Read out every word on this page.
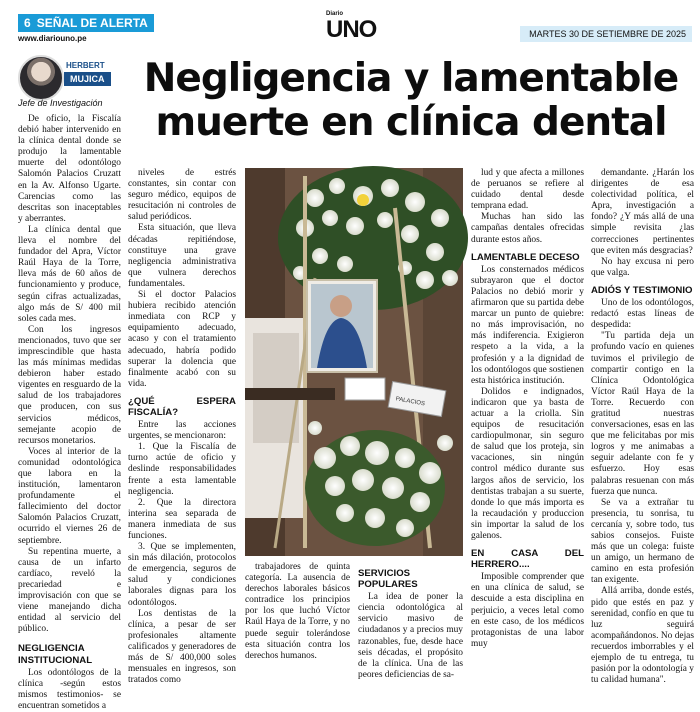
6 SEÑAL DE ALERTA
www.diariouno.pe
Diario
UNO	MARTES 30 DE SETIEMBRE DE 2025
HERBERT
MUJICA
Jefe de Investigación
Negligencia y lamentable muerte en clínica dental

De oficio, la Fiscalía debió haber intervenido en la clínica dental donde se produjo la lamentable muerte del odontólogo Salomón Palacios Cruzatt en la Av. Alfonso Ugarte. Carencias como las descritas son inaceptables y aberrantes.

La clínica dental que lleva el nombre del fundador del Apra, Víctor Raúl Haya de la Torre, lleva más de 60 años de funcionamiento y produce, según cifras actualizadas, algo más de S/ 400 mil soles cada mes.

Con los ingresos mencionados, tuvo que ser imprescindible que hasta las más mínimas medidas debieron haber estado vigentes en resguardo de la salud de los trabajadores que producen, con sus servicios médicos, semejante acopio de recursos monetarios.

Voces al interior de la comunidad odontológica que labora en la institución, lamentaron profundamente el fallecimiento del doctor Salomón Palacios Cruzatt, ocurrido el viernes 26 de septiembre.

Su repentina muerte, a causa de un infarto cardíaco, reveló la precariedad e improvisación con que se viene manejando dicha entidad al servicio del público.

NEGLIGENCIA INSTITUCIONAL

Los odontólogos de la clínica -según estos mismos testimonios- se encuentran sometidos a

niveles de estrés constantes, sin contar con seguro médico, equipos de resucitación ni controles de salud periódicos.

Esta situación, que lleva décadas repitiéndose, constituye una grave negligencia administrativa que vulnera derechos fundamentales.

Si el doctor Palacios hubiera recibido atención inmediata con RCP y equipamiento adecuado, acaso y con el tratamiento adecuado, habría podido superar la dolencia que finalmente acabó con su vida.

¿QUÉ ESPERA FISCALÍA?

Entre las acciones urgentes, se mencionaron:

1. Que la Fiscalía de turno actúe de oficio y deslinde responsabilidades frente a esta lamentable negligencia.

2. Que la directora interina sea separada de manera inmediata de sus funciones.

3. Que se implementen, sin más dilación, protocolos de emergencia, seguros de salud y condiciones laborales dignas para los odontólogos.

Los dentistas de la clínica, a pesar de ser profesionales altamente calificados y generadores de más de S/ 400,000 soles mensuales en ingresos, son tratados como

PALACIOS

trabajadores de quinta categoría. La ausencia de derechos laborales básicos contradice los principios por los que luchó Víctor Raúl Haya de la Torre, y no puede seguir tolerándose esta situación contra los derechos humanos.

SERVICIOS POPULARES

La idea de poner la ciencia odontológica al servicio masivo de ciudadanos y a precios muy razonables, fue, desde hace seis décadas, el propósito de la clínica. Una de las peores deficiencias de sa-

lud y que afecta a millones de peruanos se refiere al cuidado dental desde temprana edad.

Muchas han sido las campañas dentales ofrecidas durante estos años.

LAMENTABLE DECESO

Los consternados médicos subrayaron que el doctor Palacios no debió morir y afirmaron que su partida debe marcar un punto de quiebre: no más improvisación, no más indiferencia. Exigieron respeto a la vida, a la profesión y a la dignidad de los odontólogos que sostienen esta histórica institución.

Dolidos e indignados, indicaron que ya basta de actuar a la criolla. Sin equipos de resucitación cardiopulmonar, sin seguro de salud que los proteja, sin vacaciones, sin ningún control médico durante sus largos años de servicio, los dentistas trabajan a su suerte, donde lo que más importa es la recaudación y produccion sin importar la salud de los galenos.

EN CASA DEL HERRERO....

Imposible comprender que en una clínica de salud, se descuide a esta disciplina en perjuicio, a veces letal como en este caso, de los médicos protagonistas de una labor muy

demandante. ¿Harán los dirigentes de esa colectividad política, el Apra, investigación a fondo? ¿Y más allá de una simple revisita ¿las correcciones pertinentes que eviten más desgracias?

No hay excusa ni pero que valga.

ADIÓS Y TESTIMONIO

Uno de los odontólogos, redactó estas líneas de despedida:

"Tu partida deja un profundo vacío en quienes tuvimos el privilegio de compartir contigo en la Clínica Odontológica Víctor Raúl Haya de la Torre. Recuerdo con gratitud nuestras conversaciones, esas en las que me felicitabas por mis logros y me animabas a seguir adelante con fe y esfuerzo. Hoy esas palabras resuenan con más fuerza que nunca.

Se va a extrañar tu presencia, tu sonrisa, tu cercanía y, sobre todo, tus sabios consejos. Fuiste más que un colega: fuiste un amigo, un hermano de camino en esta profesión tan exigente.

Allá arriba, donde estés, pido que estés en paz y serenidad, confío en que tu luz seguirá acompañándonos. No dejas recuerdos imborrables y el ejemplo de tu entrega, tu pasión por la odontología y tu calidad humana".
